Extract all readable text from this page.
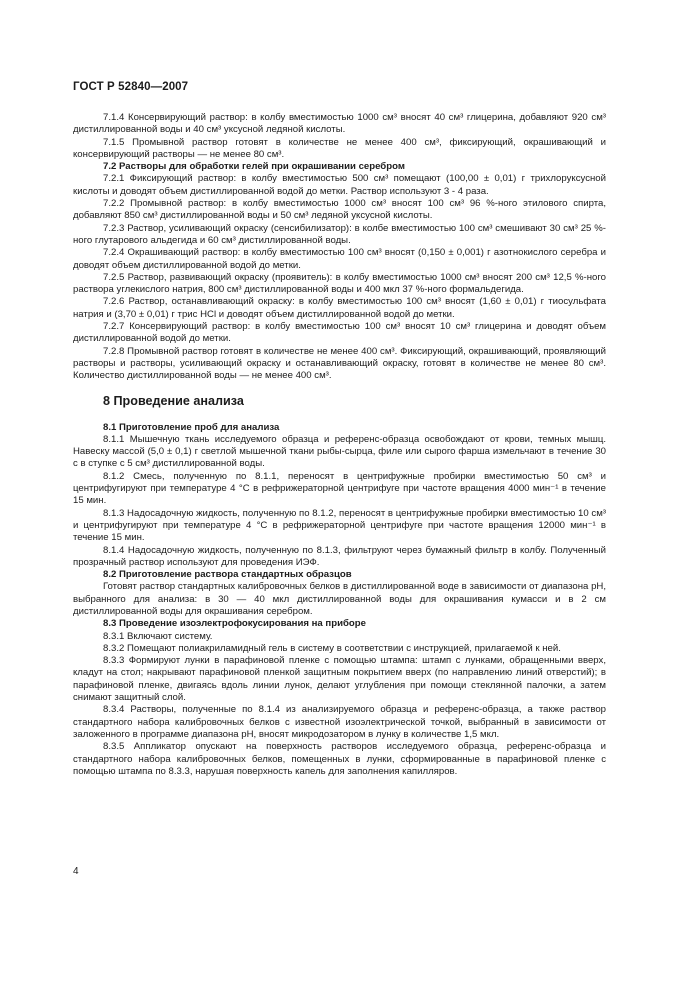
ГОСТ Р 52840—2007
7.1.4 Консервирующий раствор: в колбу вместимостью 1000 см³ вносят 40 см³ глицерина, добавляют 920 см³ дистиллированной воды и 40 см³ уксусной ледяной кислоты.
7.1.5 Промывной раствор готовят в количестве не менее 400 см³, фиксирующий, окрашивающий и консервирующий растворы — не менее 80 см³.
7.2 Растворы для обработки гелей при окрашивании серебром
7.2.1 Фиксирующий раствор: в колбу вместимостью 500 см³ помещают (100,00 ± 0,01) г трихлоруксусной кислоты и доводят объем дистиллированной водой до метки. Раствор используют 3 - 4 раза.
7.2.2 Промывной раствор: в колбу вместимостью 1000 см³ вносят 100 см³ 96 %-ного этилового спирта, добавляют 850 см³ дистиллированной воды и 50 см³ ледяной уксусной кислоты.
7.2.3 Раствор, усиливающий окраску (сенсибилизатор): в колбе вместимостью 100 см³ смешивают 30 см³ 25 %-ного глутарового альдегида и 60 см³ дистиллированной воды.
7.2.4 Окрашивающий раствор: в колбу вместимостью 100 см³ вносят (0,150 ± 0,001) г азотнокислого серебра и доводят объем дистиллированной водой до метки.
7.2.5 Раствор, развивающий окраску (проявитель): в колбу вместимостью 1000 см³ вносят 200 см³ 12,5 %-ного раствора углекислого натрия, 800 см³ дистиллированной воды и 400 мкл 37 %-ного формальдегида.
7.2.6 Раствор, останавливающий окраску: в колбу вместимостью 100 см³ вносят (1,60 ± 0,01) г тиосульфата натрия и (3,70 ± 0,01) г трис HCl и доводят объем дистиллированной водой до метки.
7.2.7 Консервирующий раствор: в колбу вместимостью 100 см³ вносят 10 см³ глицерина и доводят объем дистиллированной водой до метки.
7.2.8 Промывной раствор готовят в количестве не менее 400 см³. Фиксирующий, окрашивающий, проявляющий растворы и растворы, усиливающий окраску и останавливающий окраску, готовят в количестве не менее 80 см³. Количество дистиллированной воды — не менее 400 см³.
8 Проведение анализа
8.1 Приготовление проб для анализа
8.1.1 Мышечную ткань исследуемого образца и референс-образца освобождают от крови, темных мышц. Навеску массой (5,0 ± 0,1) г светлой мышечной ткани рыбы-сырца, филе или сырого фарша измельчают в течение 30 с в ступке с 5 см³ дистиллированной воды.
8.1.2 Смесь, полученную по 8.1.1, переносят в центрифужные пробирки вместимостью 50 см³ и центрифугируют при температуре 4 °С в рефрижераторной центрифуге при частоте вращения 4000 мин⁻¹ в течение 15 мин.
8.1.3 Надосадочную жидкость, полученную по 8.1.2, переносят в центрифужные пробирки вместимостью 10 см³ и центрифугируют при температуре 4 °С в рефрижераторной центрифуге при частоте вращения 12000 мин⁻¹ в течение 15 мин.
8.1.4 Надосадочную жидкость, полученную по 8.1.3, фильтруют через бумажный фильтр в колбу. Полученный прозрачный раствор используют для проведения ИЭФ.
8.2 Приготовление раствора стандартных образцов
Готовят раствор стандартных калибровочных белков в дистиллированной воде в зависимости от диапазона рН, выбранного для анализа: в 30 — 40 мкл дистиллированной воды для окрашивания кумасси и в 2 см дистиллированной воды для окрашивания серебром.
8.3 Проведение изоэлектрофокусирования на приборе
8.3.1 Включают систему.
8.3.2 Помещают полиакриламидный гель в систему в соответствии с инструкцией, прилагаемой к ней.
8.3.3 Формируют лунки в парафиновой пленке с помощью штампа: штамп с лунками, обращенными вверх, кладут на стол; накрывают парафиновой пленкой защитным покрытием вверх (по направлению линий отверстий); в парафиновой пленке, двигаясь вдоль линии лунок, делают углубления при помощи стеклянной палочки, а затем снимают защитный слой.
8.3.4 Растворы, полученные по 8.1.4 из анализируемого образца и референс-образца, а также раствор стандартного набора калибровочных белков с известной изоэлектрической точкой, выбранный в зависимости от заложенного в программе диапазона рН, вносят микродозатором в лунку в количестве 1,5 мкл.
8.3.5 Аппликатор опускают на поверхность растворов исследуемого образца, референс-образца и стандартного набора калибровочных белков, помещенных в лунки, сформированные в парафиновой пленке с помощью штампа по 8.3.3, нарушая поверхность капель для заполнения капилляров.
4
